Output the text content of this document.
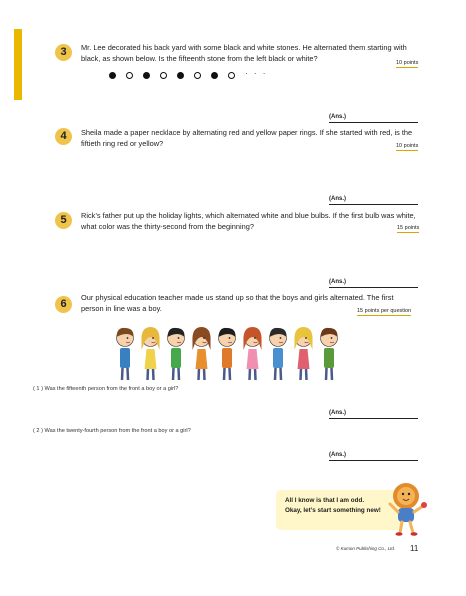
3	Mr. Lee decorated his back yard with some black and white stones. He alternated them starting with black, as shown below. Is the fifteenth stone from the left black or white?
10 points
· · ·
(Ans.)
4	Sheila made a paper necklace by alternating red and yellow paper rings. If she started with red, is the fiftieth ring red or yellow?	10 points
(Ans.)
5	Rick’s father put up the holiday lights, which alternated white and blue bulbs. If the first bulb was white, what color was the thirty-second from the beginning?	15 points
(Ans.)
6
Our physical education teacher made us stand up so that the boys and girls alternated. The first person in line was a boy.	15 points per question
( 1 ) Was the fifteenth person from the front a boy or a girl?
(Ans.)
( 2 ) Was the twenty-fourth person from the front a boy or a girl?
(Ans.)
All I know is that I am odd.
Okay, let’s start something new!
© Kumon Publishing Co., Ltd. 11
